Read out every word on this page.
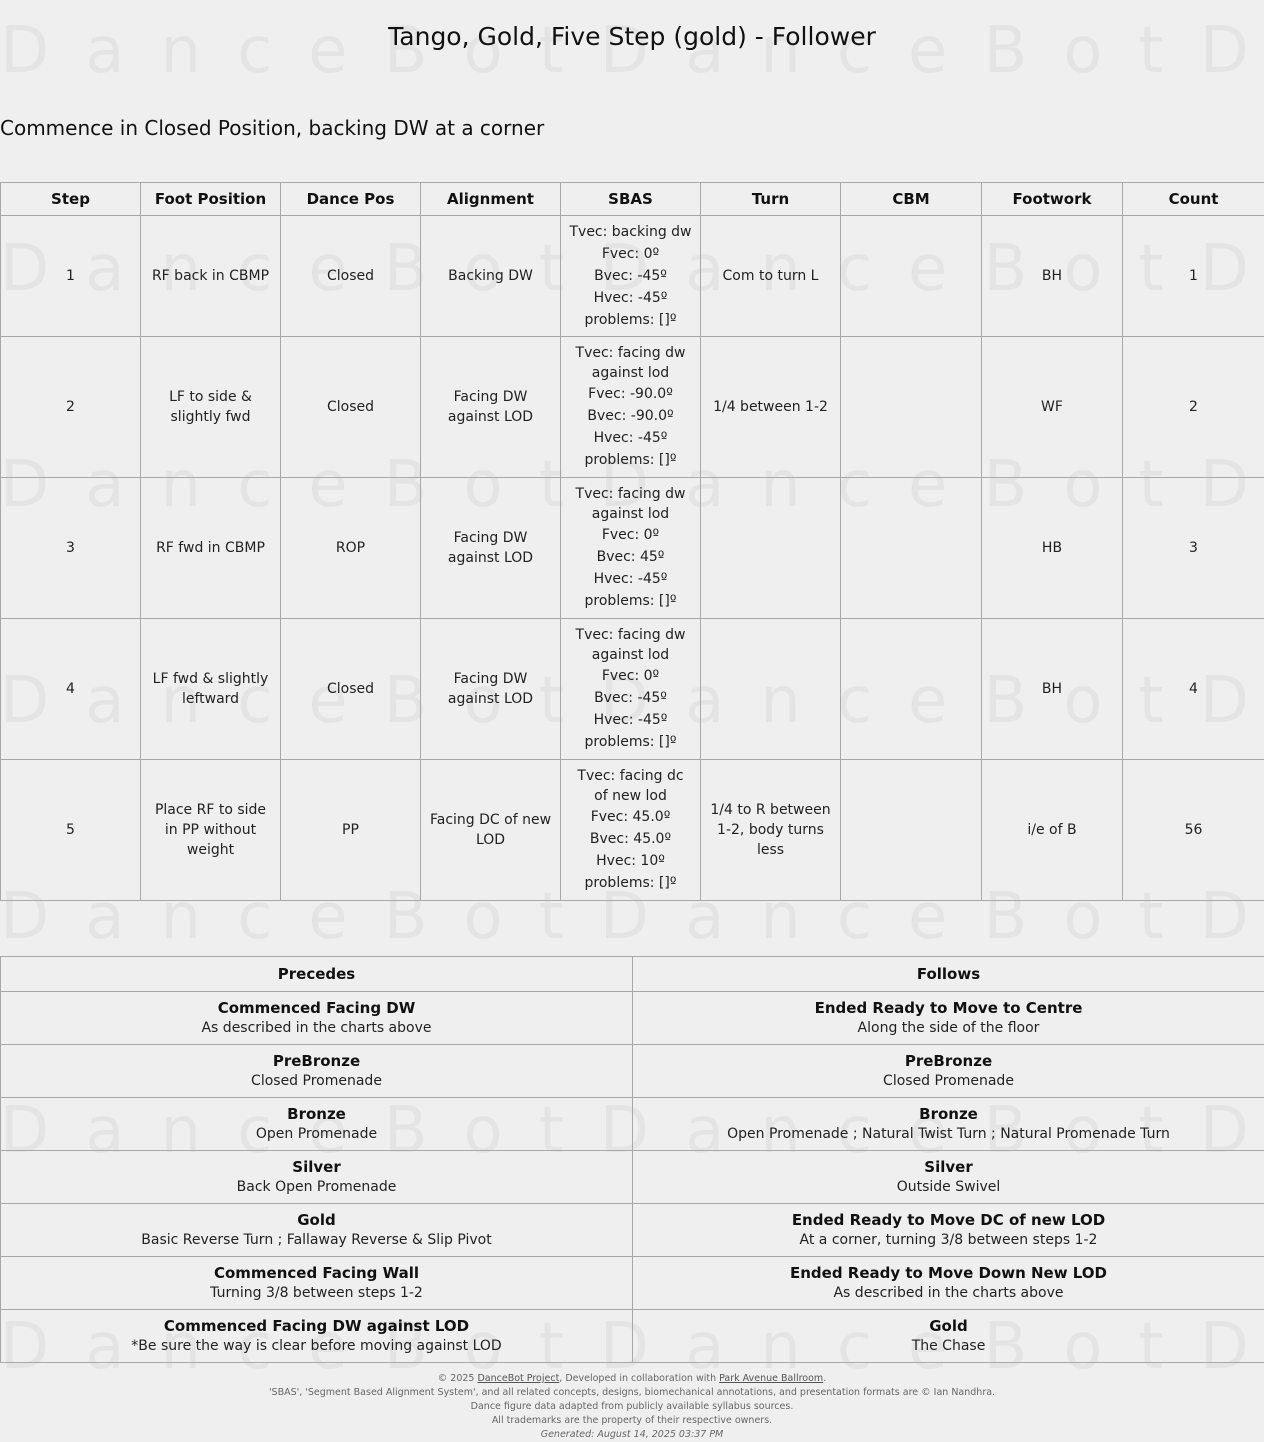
Tango, Gold, Five Step (gold) - Follower
Commence in Closed Position, backing DW at a corner
Step	Foot Position	Dance Pos	Alignment	SBAS	Turn	CBM	Footwork	Count
1	RF back in CBMP	Closed	Backing DW	Tvec: backing dw
Fvec: 0º
Bvec: -45º
Hvec: -45º
problems: []º	Com to turn L		BH	1
2	LF to side & slightly fwd	Closed	Facing DW against LOD	Tvec: facing dw against lod
Fvec: -90.0º
Bvec: -90.0º
Hvec: -45º
problems: []º	1/4 between 1-2		WF	2
3	RF fwd in CBMP	ROP	Facing DW against LOD	Tvec: facing dw against lod
Fvec: 0º
Bvec: 45º
Hvec: -45º
problems: []º			HB	3
4	LF fwd & slightly leftward	Closed	Facing DW against LOD	Tvec: facing dw against lod
Fvec: 0º
Bvec: -45º
Hvec: -45º
problems: []º			BH	4
5	Place RF to side in PP without weight	PP	Facing DC of new LOD	Tvec: facing dc of new lod
Fvec: 45.0º
Bvec: 45.0º
Hvec: 10º
problems: []º	1/4 to R between 1-2, body turns less		i/e of B	56
Precedes	Follows

Commenced Facing DW
As described in the charts above	Ended Ready to Move to Centre
Along the side of the floor

PreBronze
Closed Promenade	PreBronze
Closed Promenade

Bronze
Open Promenade	Bronze
Open Promenade ; Natural Twist Turn ; Natural Promenade Turn

Silver
Back Open Promenade	Silver
Outside Swivel

Gold
Basic Reverse Turn ; Fallaway Reverse & Slip Pivot	Ended Ready to Move DC of new LOD
At a corner, turning 3/8 between steps 1-2

Commenced Facing Wall
Turning 3/8 between steps 1-2	Ended Ready to Move Down New LOD
As described in the charts above

Commenced Facing DW against LOD
*Be sure the way is clear before moving against LOD	Gold
The Chase
© 2025 DanceBot Project, Developed in collaboration with Park Avenue Ballroom.
'SBAS', 'Segment Based Alignment System', and all related concepts, designs, biomechanical annotations, and presentation formats are © Ian Nandhra.
Dance figure data adapted from publicly available syllabus sources.
All trademarks are the property of their respective owners.
Generated: August 14, 2025 03:37 PM
